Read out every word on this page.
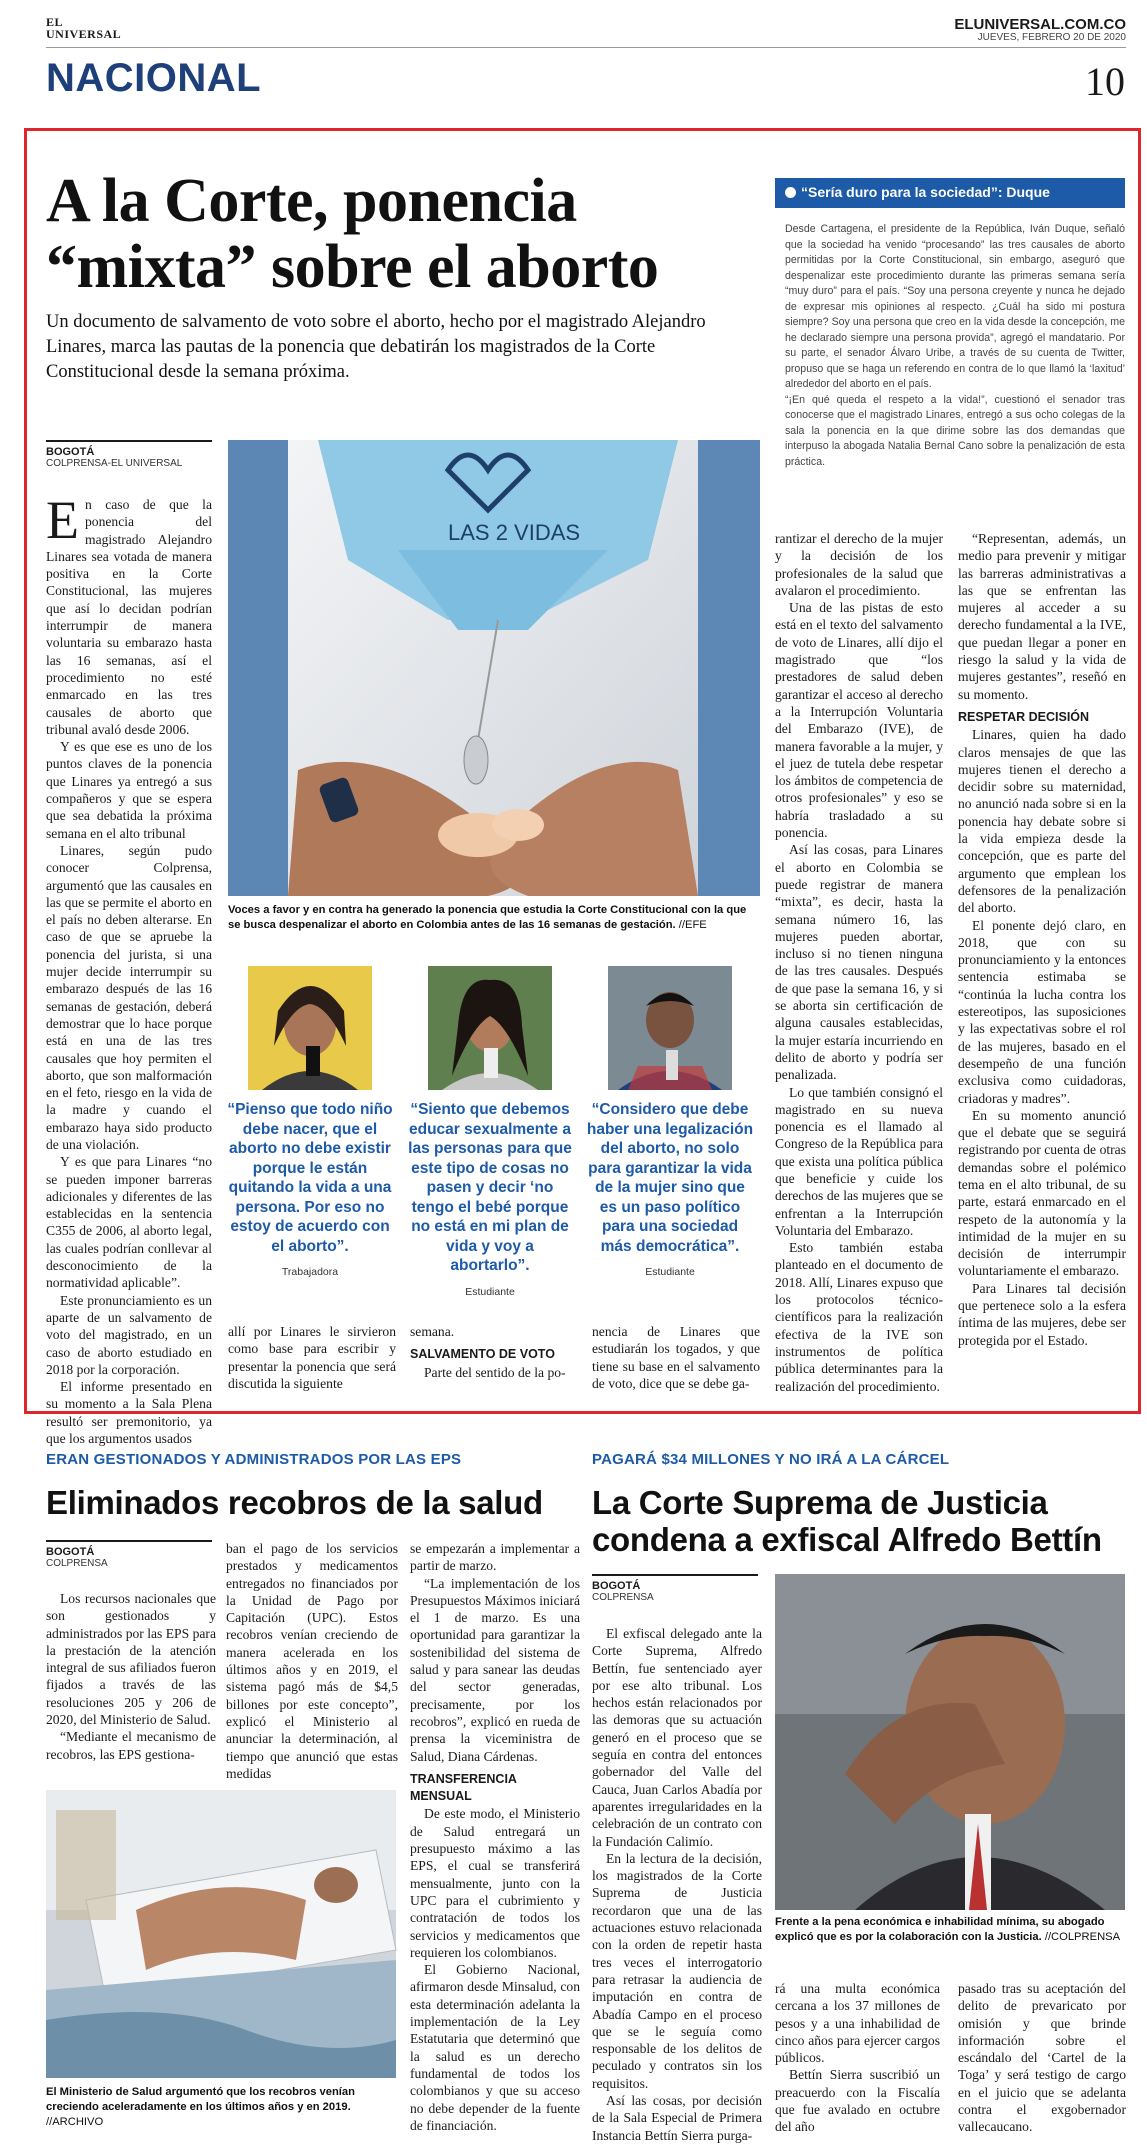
EL
UNIVERSAL
ELUNIVERSAL.COM.CO
JUEVES, FEBRERO 20 DE 2020
NACIONAL	10
A la Corte, ponencia “mixta” sobre el aborto
Un documento de salvamento de voto sobre el aborto, hecho por el magistrado Alejandro Linares, marca las pautas de la ponencia que debatirán los magistrados de la Corte Constitucional desde la semana próxima.
BOGOTÁ
COLPRENSA-EL UNIVERSAL

En caso de que la ponencia del magistrado Alejandro Linares sea votada de manera positiva en la Corte Constitucional, las mujeres que así lo decidan podrían interrumpir de manera voluntaria su embarazo hasta las 16 semanas, así el procedimiento no esté enmarcado en las tres causales de aborto que tribunal avaló desde 2006.

Y es que ese es uno de los puntos claves de la ponencia que Linares ya entregó a sus compañeros y que se espera que sea debatida la próxima semana en el alto tribunal

Linares, según pudo conocer Colprensa, argumentó que las causales en las que se permite el aborto en el país no deben alterarse. En caso de que se apruebe la ponencia del jurista, si una mujer decide interrumpir su embarazo después de las 16 semanas de gestación, deberá demostrar que lo hace porque está en una de las tres causales que hoy permiten el aborto, que son malformación en el feto, riesgo en la vida de la madre y cuando el embarazo haya sido producto de una violación.

Y es que para Linares “no se pueden imponer barreras adicionales y diferentes de las establecidas en la sentencia C355 de 2006, al aborto legal, las cuales podrían conllevar al desconocimiento de la normatividad aplicable”.

Este pronunciamiento es un aparte de un salvamento de voto del magistrado, en un caso de aborto estudiado en 2018 por la corporación.

El informe presentado en su momento a la Sala Plena resultó ser premonitorio, ya que los argumentos usados

LAS 2 VIDAS
Voces a favor y en contra ha generado la ponencia que estudia la Corte Constitucional con la que se busca despenalizar el aborto en Colombia antes de las 16 semanas de gestación. //EFE
“Pienso que todo niño debe nacer, que el aborto no debe existir porque le están quitando la vida a una persona. Por eso no estoy de acuerdo con el aborto”.
Trabajadora
“Siento que debemos educar sexualmente a las personas para que este tipo de cosas no pasen y decir ‘no tengo el bebé porque no está en mi plan de vida y voy a abortarlo”.
Estudiante
“Considero que debe haber una legalización del aborto, no solo para garantizar la vida de la mujer sino que es un paso político para una sociedad más democrática”.
Estudiante

allí por Linares le sirvieron como base para escribir y presentar la ponencia que será discutida la siguiente

semana.

SALVAMENTO DE VOTO

Parte del sentido de la po-

nencia de Linares que estudiarán los togados, y que tiene su base en el salvamento de voto, dice que se debe ga-

rantizar el derecho de la mujer y la decisión de los profesionales de la salud que avalaron el procedimiento.

Una de las pistas de esto está en el texto del salvamento de voto de Linares, allí dijo el magistrado que “los prestadores de salud deben garantizar el acceso al derecho a la Interrupción Voluntaria del Embarazo (IVE), de manera favorable a la mujer, y el juez de tutela debe respetar los ámbitos de competencia de otros profesionales” y eso se habría trasladado a su ponencia.

Así las cosas, para Linares el aborto en Colombia se puede registrar de manera “mixta”, es decir, hasta la semana número 16, las mujeres pueden abortar, incluso si no tienen ninguna de las tres causales. Después de que pase la semana 16, y si se aborta sin certificación de alguna causales establecidas, la mujer estaría incurriendo en delito de aborto y podría ser penalizada.

Lo que también consignó el magistrado en su nueva ponencia es el llamado al Congreso de la República para que exista una política pública que beneficie y cuide los derechos de las mujeres que se enfrentan a la Interrupción Voluntaria del Embarazo.

Esto también estaba planteado en el documento de 2018. Allí, Linares expuso que los protocolos técnico-científicos para la realización efectiva de la IVE son instrumentos de política pública determinantes para la realización del procedimiento.

“Representan, además, un medio para prevenir y mitigar las barreras administrativas a las que se enfrentan las mujeres al acceder a su derecho fundamental a la IVE, que puedan llegar a poner en riesgo la salud y la vida de mujeres gestantes”, reseñó en su momento.

RESPETAR DECISIÓN

Linares, quien ha dado claros mensajes de que las mujeres tienen el derecho a decidir sobre su maternidad, no anunció nada sobre si en la ponencia hay debate sobre si la vida empieza desde la concepción, que es parte del argumento que emplean los defensores de la penalización del aborto.

El ponente dejó claro, en 2018, que con su pronunciamiento y la entonces sentencia estimaba se “continúa la lucha contra los estereotipos, las suposiciones y las expectativas sobre el rol de las mujeres, basado en el desempeño de una función exclusiva como cuidadoras, criadoras y madres”.

En su momento anunció que el debate que se seguirá registrando por cuenta de otras demandas sobre el polémico tema en el alto tribunal, de su parte, estará enmarcado en el respeto de la autonomía y la intimidad de la mujer en su decisión de interrumpir voluntariamente el embarazo.

Para Linares tal decisión que pertenece solo a la esfera íntima de las mujeres, debe ser protegida por el Estado.

“Sería duro para la sociedad”: Duque

Desde Cartagena, el presidente de la República, Iván Duque, señaló que la sociedad ha venido “procesando” las tres causales de aborto permitidas por la Corte Constitucional, sin embargo, aseguró que despenalizar este procedimiento durante las primeras semana sería “muy duro” para el país. “Soy una persona creyente y nunca he dejado de expresar mis opiniones al respecto. ¿Cuál ha sido mi postura siempre? Soy una persona que creo en la vida desde la concepción, me he declarado siempre una persona provida”, agregó el mandatario. Por su parte, el senador Álvaro Uribe, a través de su cuenta de Twitter, propuso que se haga un referendo en contra de lo que llamó la ‘laxitud’ alrededor del aborto en el país.

“¡En qué queda el respeto a la vida!”, cuestionó el senador tras conocerse que el magistrado Linares, entregó a sus ocho colegas de la sala la ponencia en la que dirime sobre las dos demandas que interpuso la abogada Natalia Bernal Cano sobre la penalización de esta práctica.

ERAN GESTIONADOS Y ADMINISTRADOS POR LAS EPS
Eliminados recobros de la salud
BOGOTÁ
COLPRENSA

Los recursos nacionales que son gestionados y administrados por las EPS para la prestación de la atención integral de sus afiliados fueron fijados a través de las resoluciones 205 y 206 de 2020, del Ministerio de Salud.

“Mediante el mecanismo de recobros, las EPS gestiona-

ban el pago de los servicios prestados y medicamentos entregados no financiados por la Unidad de Pago por Capitación (UPC). Estos recobros venían creciendo de manera acelerada en los últimos años y en 2019, el sistema pagó más de $4,5 billones por este concepto”, explicó el Ministerio al anunciar la determinación, al tiempo que anunció que estas medidas

se empezarán a implementar a partir de marzo.

“La implementación de los Presupuestos Máximos iniciará el 1 de marzo. Es una oportunidad para garantizar la sostenibilidad del sistema de salud y para sanear las deudas del sector generadas, precisamente, por los recobros”, explicó en rueda de prensa la viceministra de Salud, Diana Cárdenas.

TRANSFERENCIA MENSUAL

De este modo, el Ministerio de Salud entregará un presupuesto máximo a las EPS, el cual se transferirá mensualmente, junto con la UPC para el cubrimiento y contratación de todos los servicios y medicamentos que requieren los colombianos.

El Gobierno Nacional, afirmaron desde Minsalud, con esta determinación adelanta la implementación de la Ley Estatutaria que determinó que la salud es un derecho fundamental de todos los colombianos y que su acceso no debe depender de la fuente de financiación.

El Ministerio de Salud argumentó que los recobros venían creciendo aceleradamente en los últimos años y en 2019. //ARCHIVO
PAGARÁ $34 MILLONES Y NO IRÁ A LA CÁRCEL
La Corte Suprema de Justicia condena a exfiscal Alfredo Bettín
BOGOTÁ
COLPRENSA

El exfiscal delegado ante la Corte Suprema, Alfredo Bettín, fue sentenciado ayer por ese alto tribunal. Los hechos están relacionados por las demoras que su actuación generó en el proceso que se seguía en contra del entonces gobernador del Valle del Cauca, Juan Carlos Abadía por aparentes irregularidades en la celebración de un contrato con la Fundación Calimío.

En la lectura de la decisión, los magistrados de la Corte Suprema de Justicia recordaron que una de las actuaciones estuvo relacionada con la orden de repetir hasta tres veces el interrogatorio para retrasar la audiencia de imputación en contra de Abadía Campo en el proceso que se le seguía como responsable de los delitos de peculado y contratos sin los requisitos.

Así las cosas, por decisión de la Sala Especial de Primera Instancia Bettín Sierra purga-

Frente a la pena económica e inhabilidad mínima, su abogado explicó que es por la colaboración con la Justicia. //COLPRENSA

rá una multa económica cercana a los 37 millones de pesos y a una inhabilidad de cinco años para ejercer cargos públicos.

Bettín Sierra suscribió un preacuerdo con la Fiscalía que fue avalado en octubre del año

pasado tras su aceptación del delito de prevaricato por omisión y que brinde información sobre el escándalo del ‘Cartel de la Toga’ y será testigo de cargo en el juicio que se adelanta contra el exgobernador vallecaucano.
